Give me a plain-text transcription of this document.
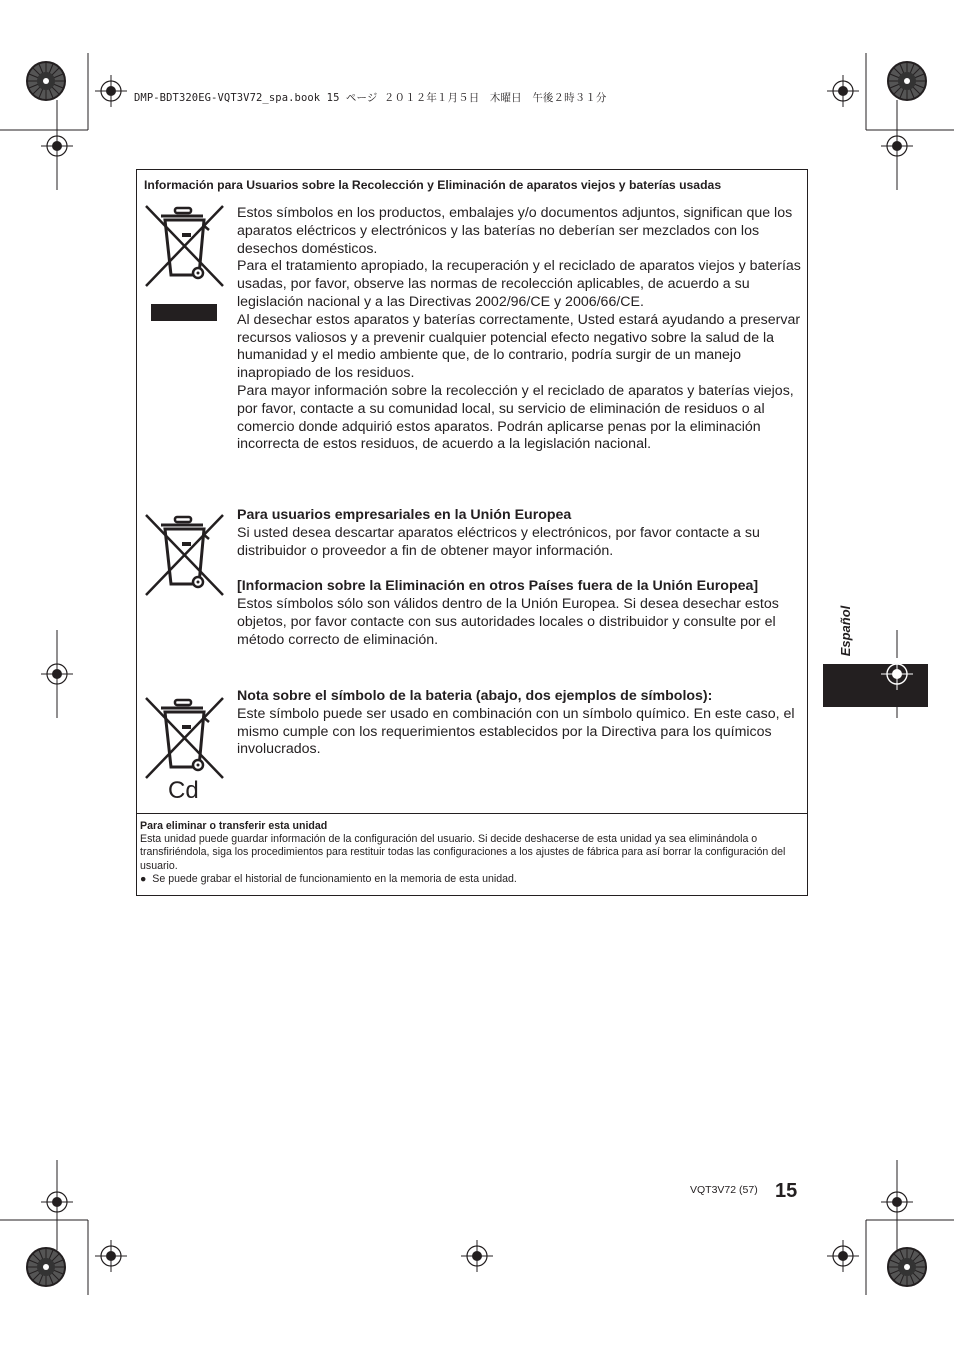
DMP-BDT320EG-VQT3V72_spa.book 15 ページ ２０１２年１月５日　木曜日　午後２時３１分
Español
Información para Usuarios sobre la Recolección y Eliminación de aparatos viejos y baterías usadas

Estos símbolos en los productos, embalajes y/o documentos adjuntos, significan que los aparatos eléctricos y electrónicos y las baterías no deberían ser mezclados con los desechos domésticos.

Para el tratamiento apropiado, la recuperación y el reciclado de aparatos viejos y baterías usadas, por favor, observe las normas de recolección aplicables, de acuerdo a su legislación nacional y a las Directivas 2002/96/CE y 2006/66/CE.

Al desechar estos aparatos y baterías correctamente, Usted estará ayudando a preservar recursos valiosos y a prevenir cualquier potencial efecto negativo sobre la salud de la humanidad y el medio ambiente que, de lo contrario, podría surgir de un manejo inapropiado de los residuos.

Para mayor información sobre la recolección y el reciclado de aparatos y baterías viejos, por favor, contacte a su comunidad local, su servicio de eliminación de residuos o al comercio donde adquirió estos aparatos. Podrán aplicarse penas por la eliminación incorrecta de estos residuos, de acuerdo a la legislación nacional.

Para usuarios empresariales en la Unión Europea

Si usted desea descartar aparatos eléctricos y electrónicos, por favor contacte a su distribuidor o proveedor a fin de obtener mayor información.

[Informacion sobre la Eliminación en otros Países fuera de la Unión Europea]

Estos símbolos sólo son válidos dentro de la Unión Europea. Si desea desechar estos objetos, por favor contacte con sus autoridades locales o distribuidor y consulte por el método correcto de eliminación.

Cd

Nota sobre el símbolo de la bateria (abajo, dos ejemplos de símbolos):

Este símbolo puede ser usado en combinación con un símbolo químico. En este caso, el mismo cumple con los requerimientos establecidos por la Directiva para los químicos involucrados.

Para eliminar o transferir esta unidad

Esta unidad puede guardar información de la configuración del usuario. Si decide deshacerse de esta unidad ya sea eliminándola o transfiriéndola, siga los procedimientos para restituir todas las configuraciones a los ajustes de fábrica para así borrar la configuración del usuario.

● Se puede grabar el historial de funcionamiento en la memoria de esta unidad.

VQT3V72 (57) 15
